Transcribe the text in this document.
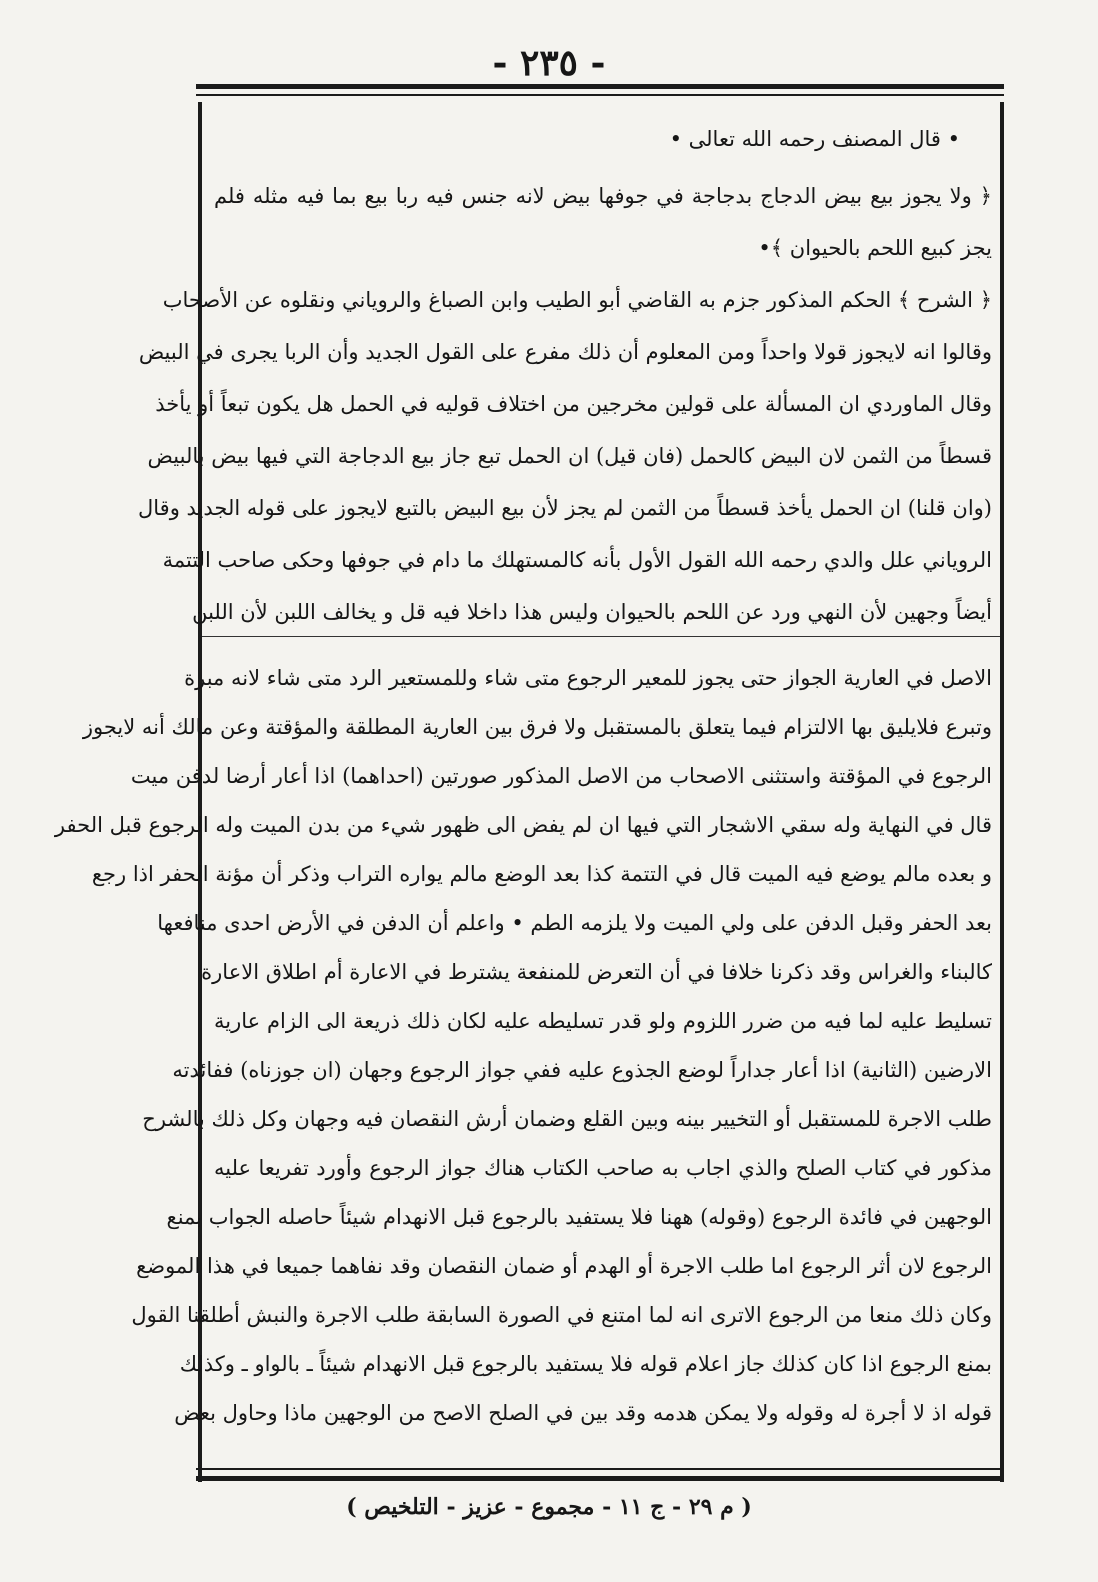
- ٢٣٥ -
• قال المصنف رحمه الله تعالى •
﴿ ولا يجوز بيع بيض الدجاج بدجاجة في جوفها بيض لانه جنس فيه ربا بيع بما فيه مثله فلم
يجز كبيع اللحم بالحيوان ﴾•
﴿ الشرح ﴾ الحكم المذكور جزم به القاضي أبو الطيب وابن الصباغ والروياني ونقلوه عن الأصحاب
وقالوا انه لايجوز قولا واحداً ومن المعلوم أن ذلك مفرع على القول الجديد وأن الربا يجرى في البيض
وقال الماوردي ان المسألة على قولين مخرجين من اختلاف قوليه في الحمل هل يكون تبعاً أو يأخذ
قسطاً من الثمن لان البيض كالحمل (فان قيل) ان الحمل تبع جاز بيع الدجاجة التي فيها بيض بالبيض
(وان قلنا) ان الحمل يأخذ قسطاً من الثمن لم يجز لأن بيع البيض بالتبع لايجوز على قوله الجديد وقال
الروياني علل والدي رحمه الله القول الأول بأنه كالمستهلك ما دام في جوفها وحكى صاحب التتمة
أيضاً وجهين لأن النهي ورد عن اللحم بالحيوان وليس هذا داخلا فيه قل و يخالف اللبن لأن اللبن
الاصل في العارية الجواز حتى يجوز للمعير الرجوع متى شاء وللمستعير الرد متى شاء لانه مبرة
وتبرع فلايليق بها الالتزام فيما يتعلق بالمستقبل ولا فرق بين العارية المطلقة والمؤقتة وعن مالك أنه لايجوز
الرجوع في المؤقتة واستثنى الاصحاب من الاصل المذكور صورتين (احداهما) اذا أعار أرضا لدفن ميت
قال في النهاية وله سقي الاشجار التي فيها ان لم يفض الى ظهور شيء من بدن الميت وله الرجوع قبل الحفر
و بعده مالم يوضع فيه الميت قال في التتمة كذا بعد الوضع مالم يواره التراب وذكر أن مؤنة الحفر اذا رجع
بعد الحفر وقبل الدفن على ولي الميت ولا يلزمه الطم • واعلم أن الدفن في الأرض احدى منافعها
كالبناء والغراس وقد ذكرنا خلافا في أن التعرض للمنفعة يشترط في الاعارة أم اطلاق الاعارة
تسليط عليه لما فيه من ضرر اللزوم ولو قدر تسليطه عليه لكان ذلك ذريعة الى الزام عارية
الارضين (الثانية) اذا أعار جداراً لوضع الجذوع عليه ففي جواز الرجوع وجهان (ان جوزناه) ففائدته
طلب الاجرة للمستقبل أو التخيير بينه وبين القلع وضمان أرش النقصان فيه وجهان وكل ذلك بالشرح
مذكور في كتاب الصلح والذي اجاب به صاحب الكتاب هناك جواز الرجوع وأورد تفريعا عليه
الوجهين في فائدة الرجوع (وقوله) ههنا فلا يستفيد بالرجوع قبل الانهدام شيئاً حاصله الجواب بمنع
الرجوع لان أثر الرجوع اما طلب الاجرة أو الهدم أو ضمان النقصان وقد نفاهما جميعا في هذا الموضع
وكان ذلك منعا من الرجوع الاترى انه لما امتنع في الصورة السابقة طلب الاجرة والنبش أطلقنا القول
بمنع الرجوع اذا كان كذلك جاز اعلام قوله فلا يستفيد بالرجوع قبل الانهدام شيئاً ـ بالواو ـ وكذلك
قوله اذ لا أجرة له وقوله ولا يمكن هدمه وقد بين في الصلح الاصح من الوجهين ماذا وحاول بعض
( م ٢٩ - ج ١١ - مجموع - عزيز - التلخيص )
